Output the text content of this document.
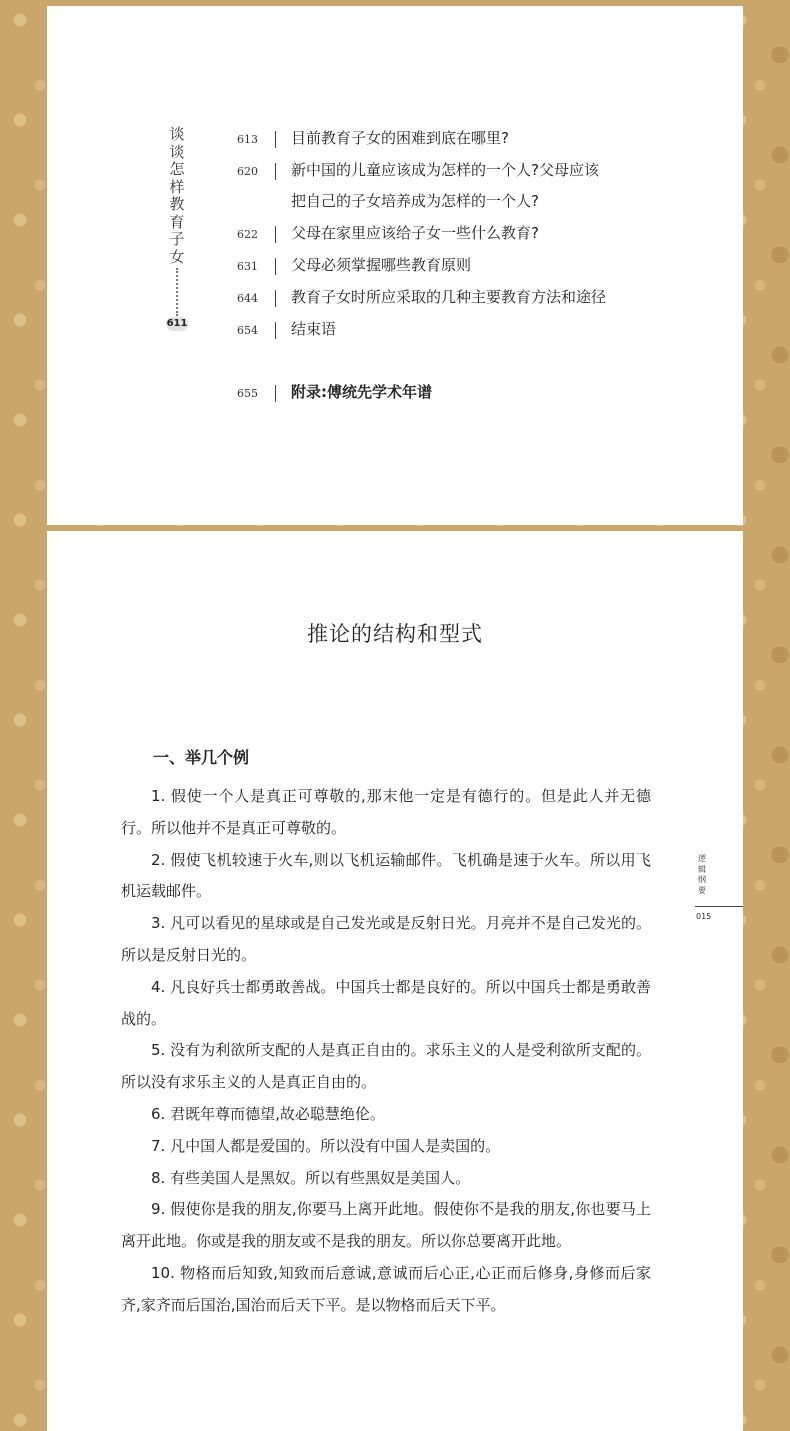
谈
谈
怎
样
教
育
子
女
611
613	目前教育子女的困难到底在哪里?
620	新中国的儿童应该成为怎样的一个人?父母应该把自己的子女培养成为怎样的一个人?
622	父母在家里应该给子女一些什么教育?
631	父母必须掌握哪些教育原则
644	教育子女时所应采取的几种主要教育方法和途径
654	结束语
655	附录:傅统先学术年谱
推论的结构和型式
一、举几个例
1. 假使一个人是真正可尊敬的,那末他一定是有德行的。但是此人并无德行。所以他并不是真正可尊敬的。
2. 假使飞机较速于火车,则以飞机运输邮件。飞机确是速于火车。所以用飞机运载邮件。
3. 凡可以看见的星球或是自己发光或是反射日光。月亮并不是自己发光的。所以是反射日光的。
4. 凡良好兵士都勇敢善战。中国兵士都是良好的。所以中国兵士都是勇敢善战的。
5. 没有为利欲所支配的人是真正自由的。求乐主义的人是受利欲所支配的。所以没有求乐主义的人是真正自由的。
6. 君既年尊而德望,故必聪慧绝伦。
7. 凡中国人都是爱国的。所以没有中国人是卖国的。
8. 有些美国人是黑奴。所以有些黑奴是美国人。
9. 假使你是我的朋友,你要马上离开此地。假使你不是我的朋友,你也要马上离开此地。你或是我的朋友或不是我的朋友。所以你总要离开此地。
10. 物格而后知致,知致而后意诚,意诚而后心正,心正而后修身,身修而后家齐,家齐而后国治,国治而后天下平。是以物格而后天下平。
逻
辑
纲
要
015
